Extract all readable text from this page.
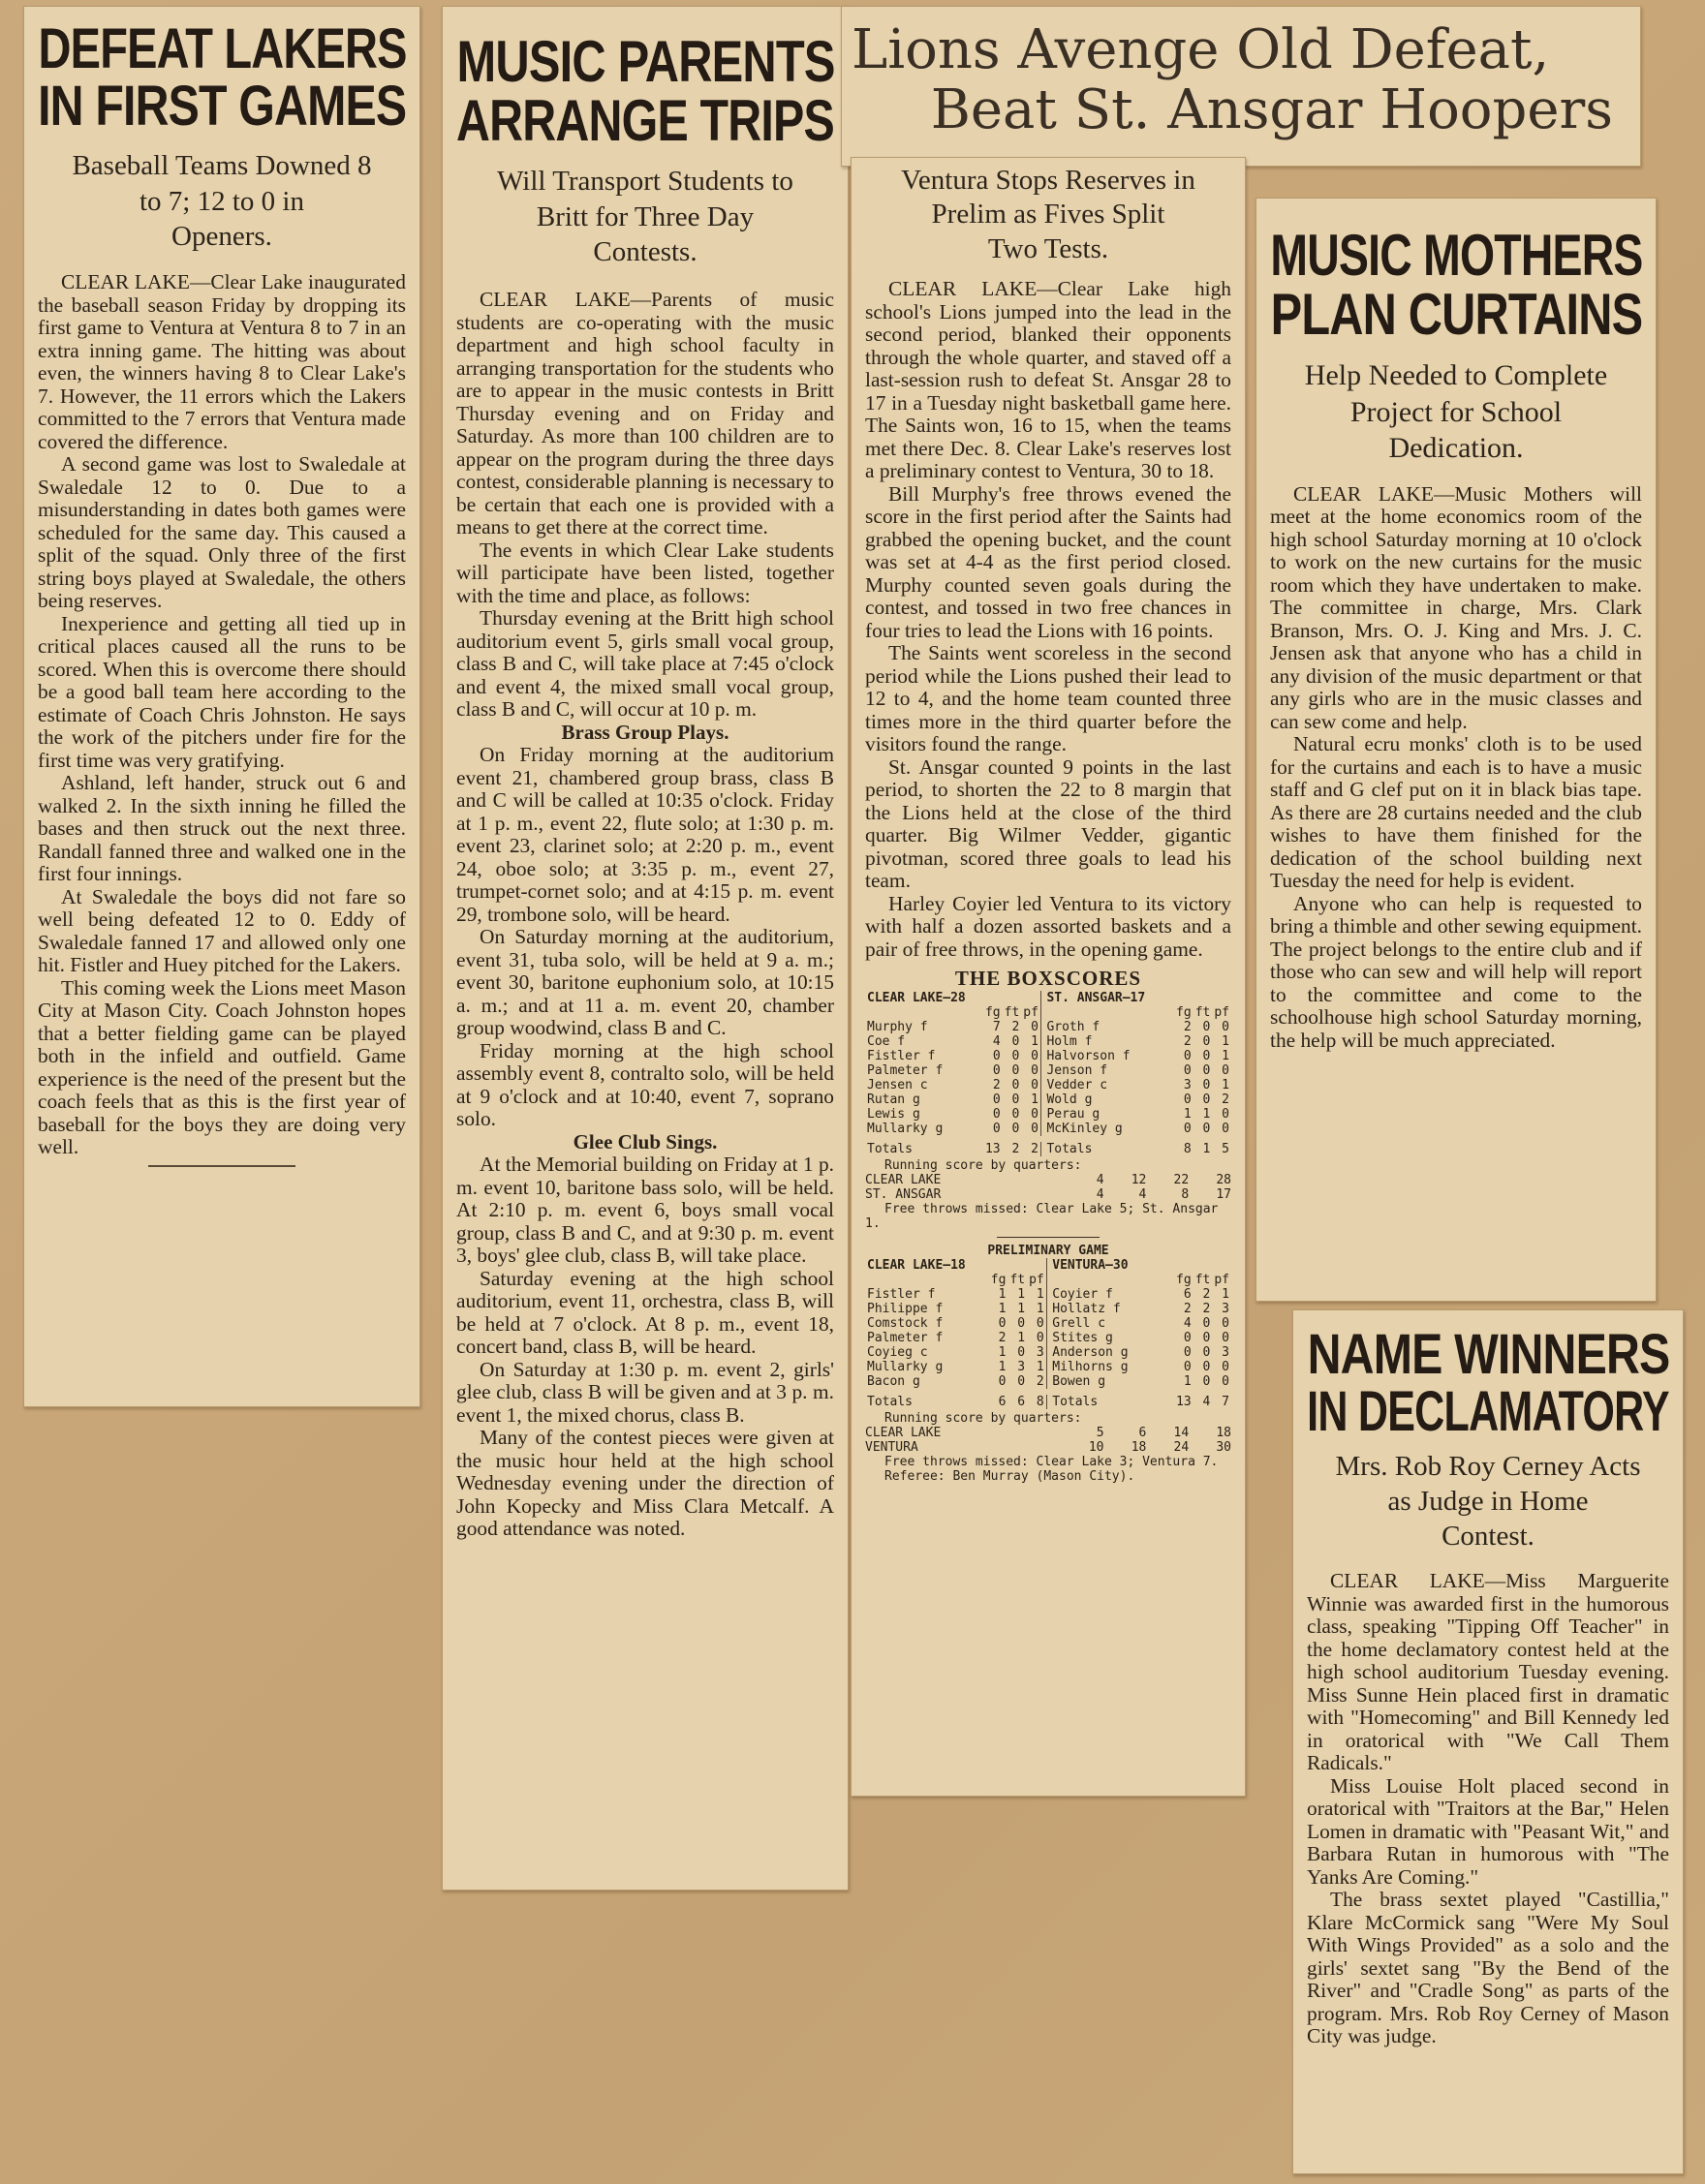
DEFEAT LAKERS
IN FIRST GAMES
Baseball Teams Downed 8
to 7; 12 to 0 in
Openers.

CLEAR LAKE—Clear Lake inaugurated the baseball season Friday by dropping its first game to Ventura at Ventura 8 to 7 in an extra inning game. The hitting was about even, the winners having 8 to Clear Lake's 7. However, the 11 errors which the Lakers committed to the 7 errors that Ventura made covered the difference.

A second game was lost to Swaledale at Swaledale 12 to 0. Due to a misunderstanding in dates both games were scheduled for the same day. This caused a split of the squad. Only three of the first string boys played at Swaledale, the others being reserves.

Inexperience and getting all tied up in critical places caused all the runs to be scored. When this is overcome there should be a good ball team here according to the estimate of Coach Chris Johnston. He says the work of the pitchers under fire for the first time was very gratifying.

Ashland, left hander, struck out 6 and walked 2. In the sixth inning he filled the bases and then struck out the next three. Randall fanned three and walked one in the first four innings.

At Swaledale the boys did not fare so well being defeated 12 to 0. Eddy of Swaledale fanned 17 and allowed only one hit. Fistler and Huey pitched for the Lakers.

This coming week the Lions meet Mason City at Mason City. Coach Johnston hopes that a better fielding game can be played both in the infield and outfield. Game experience is the need of the present but the coach feels that as this is the first year of baseball for the boys they are doing very well.

MUSIC PARENTS
ARRANGE TRIPS
Will Transport Students to
Britt for Three Day
Contests.

CLEAR LAKE—Parents of music students are co-operating with the music department and high school faculty in arranging transportation for the students who are to appear in the music contests in Britt Thursday evening and on Friday and Saturday. As more than 100 children are to appear on the program during the three days contest, considerable planning is necessary to be certain that each one is provided with a means to get there at the correct time.

The events in which Clear Lake students will participate have been listed, together with the time and place, as follows:

Thursday evening at the Britt high school auditorium event 5, girls small vocal group, class B and C, will take place at 7:45 o'clock and event 4, the mixed small vocal group, class B and C, will occur at 10 p. m.

Brass Group Plays.

On Friday morning at the auditorium event 21, chambered group brass, class B and C will be called at 10:35 o'clock. Friday at 1 p. m., event 22, flute solo; at 1:30 p. m. event 23, clarinet solo; at 2:20 p. m., event 24, oboe solo; at 3:35 p. m., event 27, trumpet-cornet solo; and at 4:15 p. m. event 29, trombone solo, will be heard.

On Saturday morning at the auditorium, event 31, tuba solo, will be held at 9 a. m.; event 30, baritone euphonium solo, at 10:15 a. m.; and at 11 a. m. event 20, chamber group woodwind, class B and C.

Friday morning at the high school assembly event 8, contralto solo, will be held at 9 o'clock and at 10:40, event 7, soprano solo.

Glee Club Sings.

At the Memorial building on Friday at 1 p. m. event 10, baritone bass solo, will be held. At 2:10 p. m. event 6, boys small vocal group, class B and C, and at 9:30 p. m. event 3, boys' glee club, class B, will take place.

Saturday evening at the high school auditorium, event 11, orchestra, class B, will be held at 7 o'clock. At 8 p. m., event 18, concert band, class B, will be heard.

On Saturday at 1:30 p. m. event 2, girls' glee club, class B will be given and at 3 p. m. event 1, the mixed chorus, class B.

Many of the contest pieces were given at the music hour held at the high school Wednesday evening under the direction of John Kopecky and Miss Clara Metcalf. A good attendance was noted.

Lions Avenge Old Defeat,
Beat St. Ansgar Hoopers
Ventura Stops Reserves in
Prelim as Fives Split
Two Tests.

CLEAR LAKE—Clear Lake high school's Lions jumped into the lead in the second period, blanked their opponents through the whole quarter, and staved off a last-session rush to defeat St. Ansgar 28 to 17 in a Tuesday night basketball game here. The Saints won, 16 to 15, when the teams met there Dec. 8. Clear Lake's reserves lost a preliminary contest to Ventura, 30 to 18.

Bill Murphy's free throws evened the score in the first period after the Saints had grabbed the opening bucket, and the count was set at 4-4 as the first period closed. Murphy counted seven goals during the contest, and tossed in two free chances in four tries to lead the Lions with 16 points.

The Saints went scoreless in the second period while the Lions pushed their lead to 12 to 4, and the home team counted three times more in the third quarter before the visitors found the range.

St. Ansgar counted 9 points in the last period, to shorten the 22 to 8 margin that the Lions held at the close of the third quarter. Big Wilmer Vedder, gigantic pivotman, scored three goals to lead his team.

Harley Coyier led Ventura to its victory with half a dozen assorted baskets and a pair of free throws, in the opening game.

THE BOXSCORES
CLEAR LAKE—28					ST. ANSGAR—17			
	fg	ft	pf			fg	ft	pf
Murphy f	7	2	0		Groth f	2	0	0
Coe f	4	0	1		Holm f	2	0	1
Fistler f	0	0	0		Halvorson f	0	0	1
Palmeter f	0	0	0		Jenson f	0	0	0
Jensen c	2	0	0		Vedder c	3	0	1
Rutan g	0	0	1		Wold g	0	0	2
Lewis g	0	0	0		Perau g	1	1	0
Mullarky g	0	0	0		McKinley g	0	0	0

Totals	13	2	2		Totals	8	1	5
Running score by quarters:
CLEAR LAKE	4 12 22 28
ST. ANSGAR	4	4	8 17
Free throws missed: Clear Lake 5; St. Ansgar 1.
PRELIMINARY GAME
CLEAR LAKE—18					VENTURA—30			
	fg	ft	pf			fg	ft	pf
Fistler f	1	1	1		Coyier f	6	2	1
Philippe f	1	1	1		Hollatz f	2	2	3
Comstock f	0	0	0		Grell c	4	0	0
Palmeter f	2	1	0		Stites g	0	0	0
Coyieg c	1	0	3		Anderson g	0	0	3
Mullarky g	1	3	1		Milhorns g	0	0	0
Bacon g	0	0	2		Bowen g	1	0	0

Totals	6	6	8		Totals	13	4	7
Running score by quarters:
CLEAR LAKE	5	6 14 18
VENTURA	10 18 24 30
Free throws missed: Clear Lake 3; Ventura 7.
Referee: Ben Murray (Mason City).
MUSIC MOTHERS
PLAN CURTAINS
Help Needed to Complete
Project for School
Dedication.

CLEAR LAKE—Music Mothers will meet at the home economics room of the high school Saturday morning at 10 o'clock to work on the new curtains for the music room which they have undertaken to make. The committee in charge, Mrs. Clark Branson, Mrs. O. J. King and Mrs. J. C. Jensen ask that anyone who has a child in any division of the music department or that any girls who are in the music classes and can sew come and help.

Natural ecru monks' cloth is to be used for the curtains and each is to have a music staff and G clef put on it in black bias tape. As there are 28 curtains needed and the club wishes to have them finished for the dedication of the school building next Tuesday the need for help is evident.

Anyone who can help is requested to bring a thimble and other sewing equipment. The project belongs to the entire club and if those who can sew and will help will report to the committee and come to the schoolhouse high school Saturday morning, the help will be much appreciated.

NAME WINNERS
IN DECLAMATORY
Mrs. Rob Roy Cerney Acts
as Judge in Home
Contest.

CLEAR LAKE—Miss Marguerite Winnie was awarded first in the humorous class, speaking "Tipping Off Teacher" in the home declamatory contest held at the high school auditorium Tuesday evening. Miss Sunne Hein placed first in dramatic with "Homecoming" and Bill Kennedy led in oratorical with "We Call Them Radicals."

Miss Louise Holt placed second in oratorical with "Traitors at the Bar," Helen Lomen in dramatic with "Peasant Wit," and Barbara Rutan in humorous with "The Yanks Are Coming."

The brass sextet played "Castillia," Klare McCormick sang "Were My Soul With Wings Provided" as a solo and the girls' sextet sang "By the Bend of the River" and "Cradle Song" as parts of the program. Mrs. Rob Roy Cerney of Mason City was judge.
